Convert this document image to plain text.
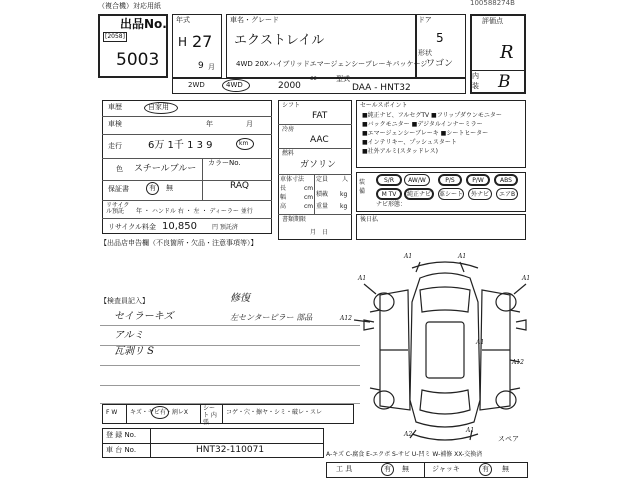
（複合機）対応用紙	100588274B
出品No.
[2058]
5003
年式
H 27
9 月
車名・グレード
エクストレイル
4WD 20Xハイブリッドエマージェンシーブレーキパッケージ
ドア
5
形状
ワゴン
評価点
R
内
装 B
2WD	4WD	2000
cc	型式
DAA - HNT32
車歴	自家用
車検	年	月
走行	6万 1千 1 3 9	km
色 スチールブルー
カラーNo.
RAQ
保証書	有 無
リサイクル預託	年 ・ ハンドル 右 ・ 左 ・ ディーラー 並行
リサイクル料金 10,850	円 預託済
【出品店申告欄（不良箇所・欠品・注意事項等）】
シフト
FAT
冷房
AAC
燃料
ガソリン
車体寸法
長
幅
高
cm
cm
cm
定員 人
積載 kg
重量 kg
書類期限
月　日
セールスポイント
■純正ナビ、フルセグTV ■フリップダウンモニター
■バックモニター ■デジタルインナーミラー
■エマージェンシーブレーキ ■シートヒーター
■インテリキー、プッシュスタート
■社外アルミ(スタッドレス)
装備
S/R	AW/W	P/S	P/W	ABS
M TV	純正ナビ	革シート	外ナビ	エアB
ナビ形態：
後日払
【検査員記入】
セイラーキズ
アルミ
瓦剥リ S
修復
左センターピラー 部品
F W キズ・ヤビ有・割レX
シート 内張
コゲ・穴・擦ヤ・シミ・破レ・スレ
A1	A1
A1	A1
A1
A12
A12
A2
A1
スペア
登 録 No.
車 台 No.	HNT32-110071	A-キズ C-腐食 E-エクボ S-サビ U-凹ミ W-補修 XX-交換済
工 具	有 無	ジャッキ	有 無
